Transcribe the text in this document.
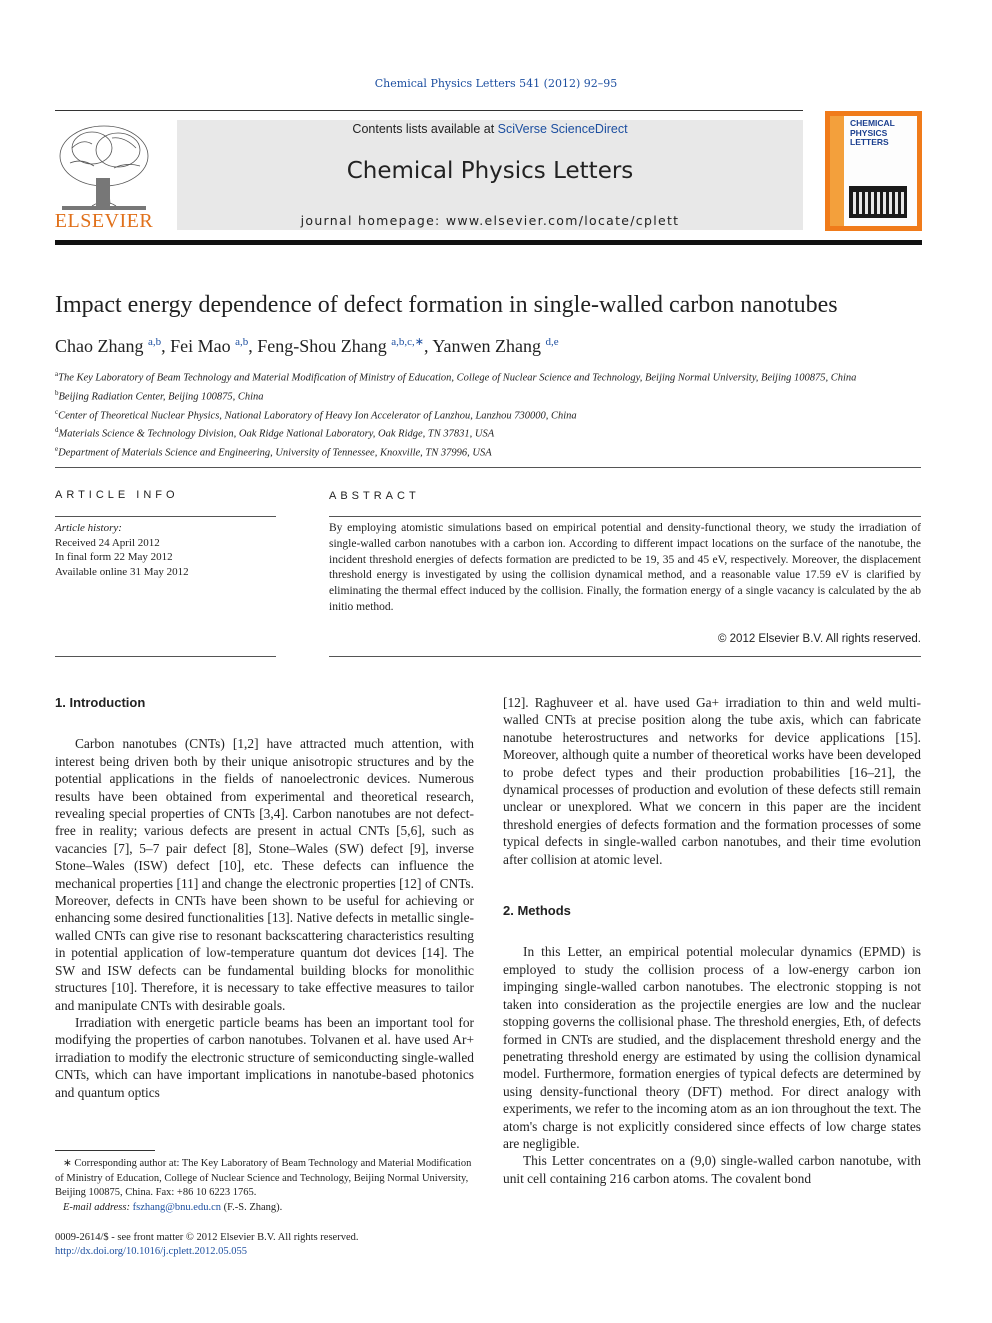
Chemical Physics Letters 541 (2012) 92–95
ELSEVIER
Contents lists available at SciVerse ScienceDirect
Chemical Physics Letters
journal homepage: www.elsevier.com/locate/cplett
CHEMICAL PHYSICS LETTERS
Impact energy dependence of defect formation in single-walled carbon nanotubes
Chao Zhang $^{a,b}$, Fei Mao $^{a,b}$, Feng-Shou Zhang $^{a,b,c,∗}$, Yanwen Zhang $^{d,e}$
$^a$The Key Laboratory of Beam Technology and Material Modification of Ministry of Education, College of Nuclear Science and Technology, Beijing Normal University, Beijing 100875, China
$^b$Beijing Radiation Center, Beijing 100875, China
$^c$Center of Theoretical Nuclear Physics, National Laboratory of Heavy Ion Accelerator of Lanzhou, Lanzhou 730000, China
$^d$Materials Science & Technology Division, Oak Ridge National Laboratory, Oak Ridge, TN 37831, USA
$^e$Department of Materials Science and Engineering, University of Tennessee, Knoxville, TN 37996, USA
ARTICLE INFO
Article history:
Received 24 April 2012
In final form 22 May 2012
Available online 31 May 2012
ABSTRACT
By employing atomistic simulations based on empirical potential and density-functional theory, we study the irradiation of single-walled carbon nanotubes with a carbon ion. According to different impact locations on the surface of the nanotube, the incident threshold energies of defects formation are predicted to be 19, 35 and 45 eV, respectively. Moreover, the displacement threshold energy is investigated by using the collision dynamical method, and a reasonable value 17.59 eV is clarified by eliminating the thermal effect induced by the collision. Finally, the formation energy of a single vacancy is calculated by the ab initio method.
© 2012 Elsevier B.V. All rights reserved.
1. Introduction

Carbon nanotubes (CNTs) [1,2] have attracted much attention, with interest being driven both by their unique anisotropic structures and by the potential applications in the fields of nanoelectronic devices. Numerous results have been obtained from experimental and theoretical research, revealing special properties of CNTs [3,4]. Carbon nanotubes are not defect-free in reality; various defects are present in actual CNTs [5,6], such as vacancies [7], 5–7 pair defect [8], Stone–Wales (SW) defect [9], inverse Stone–Wales (ISW) defect [10], etc. These defects can influence the mechanical properties [11] and change the electronic properties [12] of CNTs. Moreover, defects in CNTs have been shown to be useful for achieving or enhancing some desired functionalities [13]. Native defects in metallic single-walled CNTs can give rise to resonant backscattering characteristics resulting in potential application of low-temperature quantum dot devices [14]. The SW and ISW defects can be fundamental building blocks for monolithic structures [10]. Therefore, it is necessary to take effective measures to tailor and manipulate CNTs with desirable goals.

Irradiation with energetic particle beams has been an important tool for modifying the properties of carbon nanotubes. Tolvanen et al. have used Ar+ irradiation to modify the electronic structure of semiconducting single-walled CNTs, which can have important implications in nanotube-based photonics and quantum optics

∗ Corresponding author at: The Key Laboratory of Beam Technology and Material Modification of Ministry of Education, College of Nuclear Science and Technology, Beijing Normal University, Beijing 100875, China. Fax: +86 10 6223 1765.

E-mail address: fszhang@bnu.edu.cn (F.-S. Zhang).

0009-2614/$ - see front matter © 2012 Elsevier B.V. All rights reserved.
http://dx.doi.org/10.1016/j.cplett.2012.05.055

[12]. Raghuveer et al. have used Ga+ irradiation to thin and weld multi-walled CNTs at precise position along the tube axis, which can fabricate nanotube heterostructures and networks for device applications [15]. Moreover, although quite a number of theoretical works have been developed to probe defect types and their production probabilities [16–21], the dynamical processes of production and evolution of these defects still remain unclear or unexplored. What we concern in this paper are the incident threshold energies of defects formation and the formation processes of some typical defects in single-walled carbon nanotubes, and their time evolution after collision at atomic level.

2. Methods

In this Letter, an empirical potential molecular dynamics (EPMD) is employed to study the collision process of a low-energy carbon ion impinging single-walled carbon nanotubes. The electronic stopping is not taken into consideration as the projectile energies are low and the nuclear stopping governs the collisional phase. The threshold energies, Eth, of defects formed in CNTs are studied, and the displacement threshold energy and the penetrating threshold energy are estimated by using the collision dynamical model. Furthermore, formation energies of typical defects are determined by using density-functional theory (DFT) method. For direct analogy with experiments, we refer to the incoming atom as an ion throughout the text. The atom's charge is not explicitly considered since effects of low charge states are negligible.

This Letter concentrates on a (9,0) single-walled carbon nanotube, with unit cell containing 216 carbon atoms. The covalent bond
